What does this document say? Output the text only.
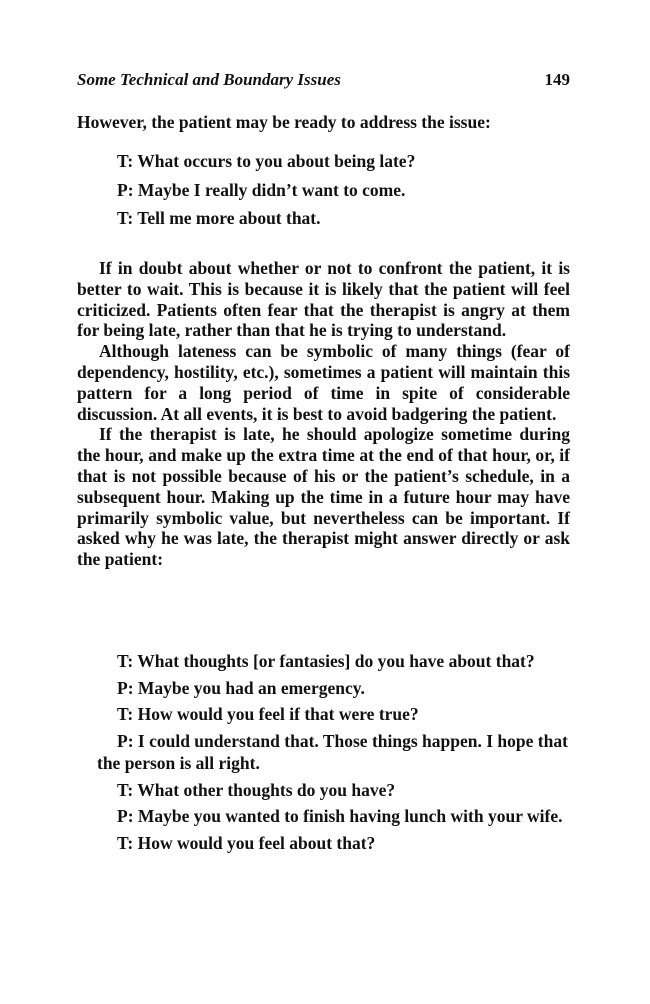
Some Technical and Boundary Issues	149

However, the patient may be ready to address the issue:

T: What occurs to you about being late?

P: Maybe I really didn’t want to come.

T: Tell me more about that.

If in doubt about whether or not to confront the patient, it is better to wait. This is because it is likely that the patient will feel criticized. Patients often fear that the therapist is angry at them for being late, rather than that he is trying to understand.

Although lateness can be symbolic of many things (fear of dependency, hostility, etc.), sometimes a patient will maintain this pattern for a long period of time in spite of considerable discussion. At all events, it is best to avoid badgering the patient.

If the therapist is late, he should apologize sometime during the hour, and make up the extra time at the end of that hour, or, if that is not possible because of his or the patient’s schedule, in a subsequent hour. Making up the time in a future hour may have primarily symbolic value, but nevertheless can be important. If asked why he was late, the therapist might answer directly or ask the patient:

T: What thoughts [or fantasies] do you have about that?

P: Maybe you had an emergency.

T: How would you feel if that were true?

P: I could understand that. Those things happen. I hope that the person is all right.

T: What other thoughts do you have?

P: Maybe you wanted to finish having lunch with your wife.

T: How would you feel about that?
